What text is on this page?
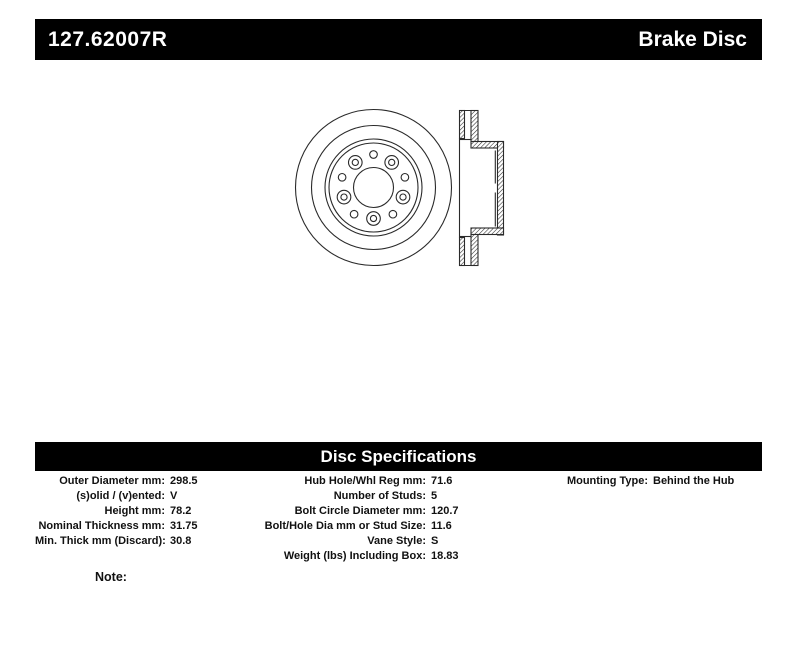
127.62007R	Brake Disc
Disc Specifications
Outer Diameter mm: 298.5
(s)olid / (v)ented: V
Height mm: 78.2
Nominal Thickness mm: 31.75
Min. Thick mm (Discard): 30.8
Hub Hole/Whl Reg mm: 71.6
Number of Studs: 5
Bolt Circle Diameter mm: 120.7
Bolt/Hole Dia mm or Stud Size: 11.6
Vane Style: S
Weight (lbs) Including Box: 18.83
Mounting Type: Behind the Hub
Note:
